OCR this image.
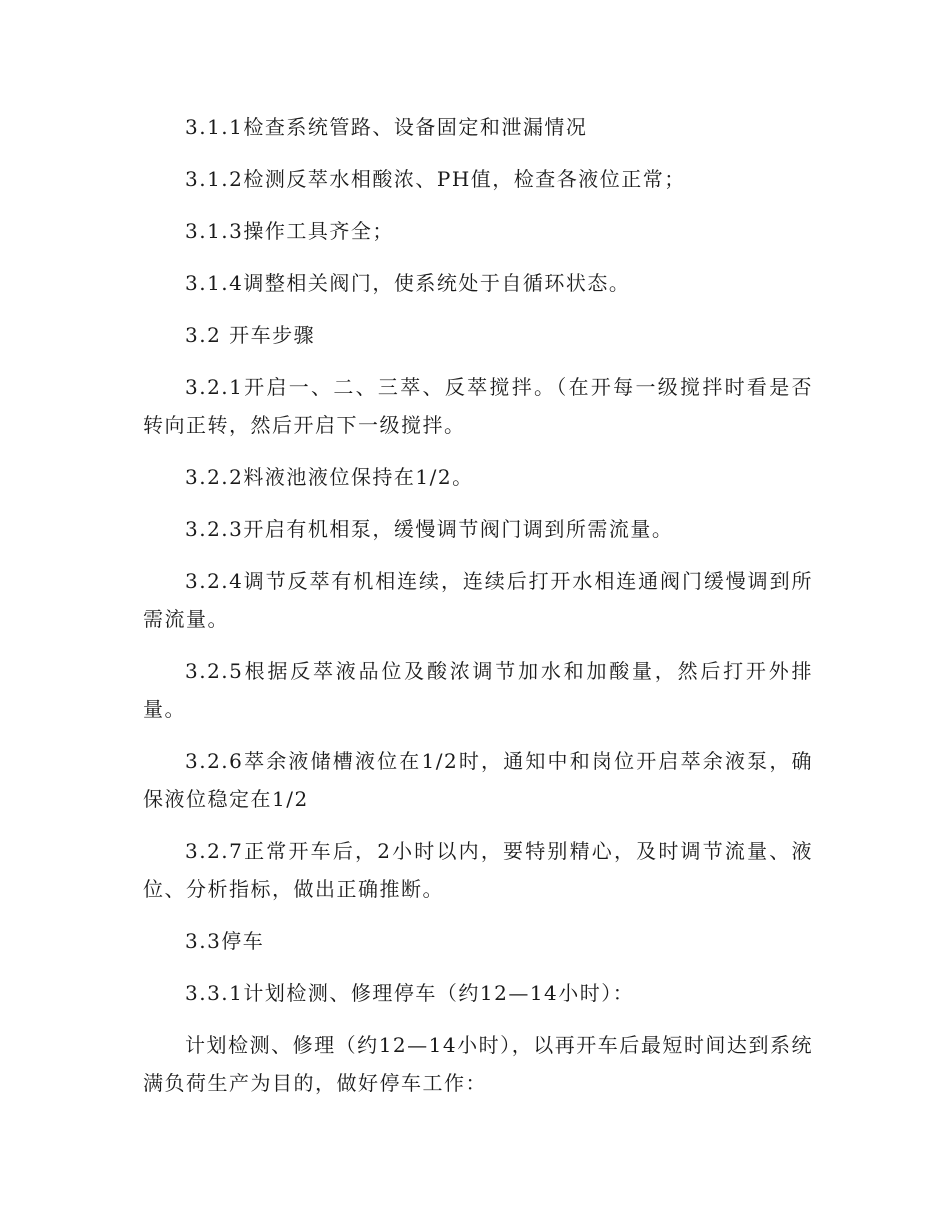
3.1.1检查系统管路、设备固定和泄漏情况

3.1.2检测反萃水相酸浓、PH值，检查各液位正常；

3.1.3操作工具齐全；

3.1.4调整相关阀门，使系统处于自循环状态。

3.2 开车步骤

3.2.1开启一、二、三萃、反萃搅拌。（在开每一级搅拌时看是否转向正转，然后开启下一级搅拌。

3.2.2料液池液位保持在1/2。

3.2.3开启有机相泵，缓慢调节阀门调到所需流量。

3.2.4调节反萃有机相连续，连续后打开水相连通阀门缓慢调到所需流量。

3.2.5根据反萃液品位及酸浓调节加水和加酸量，然后打开外排量。

3.2.6萃余液储槽液位在1/2时，通知中和岗位开启萃余液泵，确保液位稳定在1/2

3.2.7正常开车后，2小时以内，要特别精心，及时调节流量、液位、分析指标，做出正确推断。

3.3停车

3.3.1计划检测、修理停车（约12—14小时）：

计划检测、修理（约12—14小时），以再开车后最短时间达到系统满负荷生产为目的，做好停车工作：
